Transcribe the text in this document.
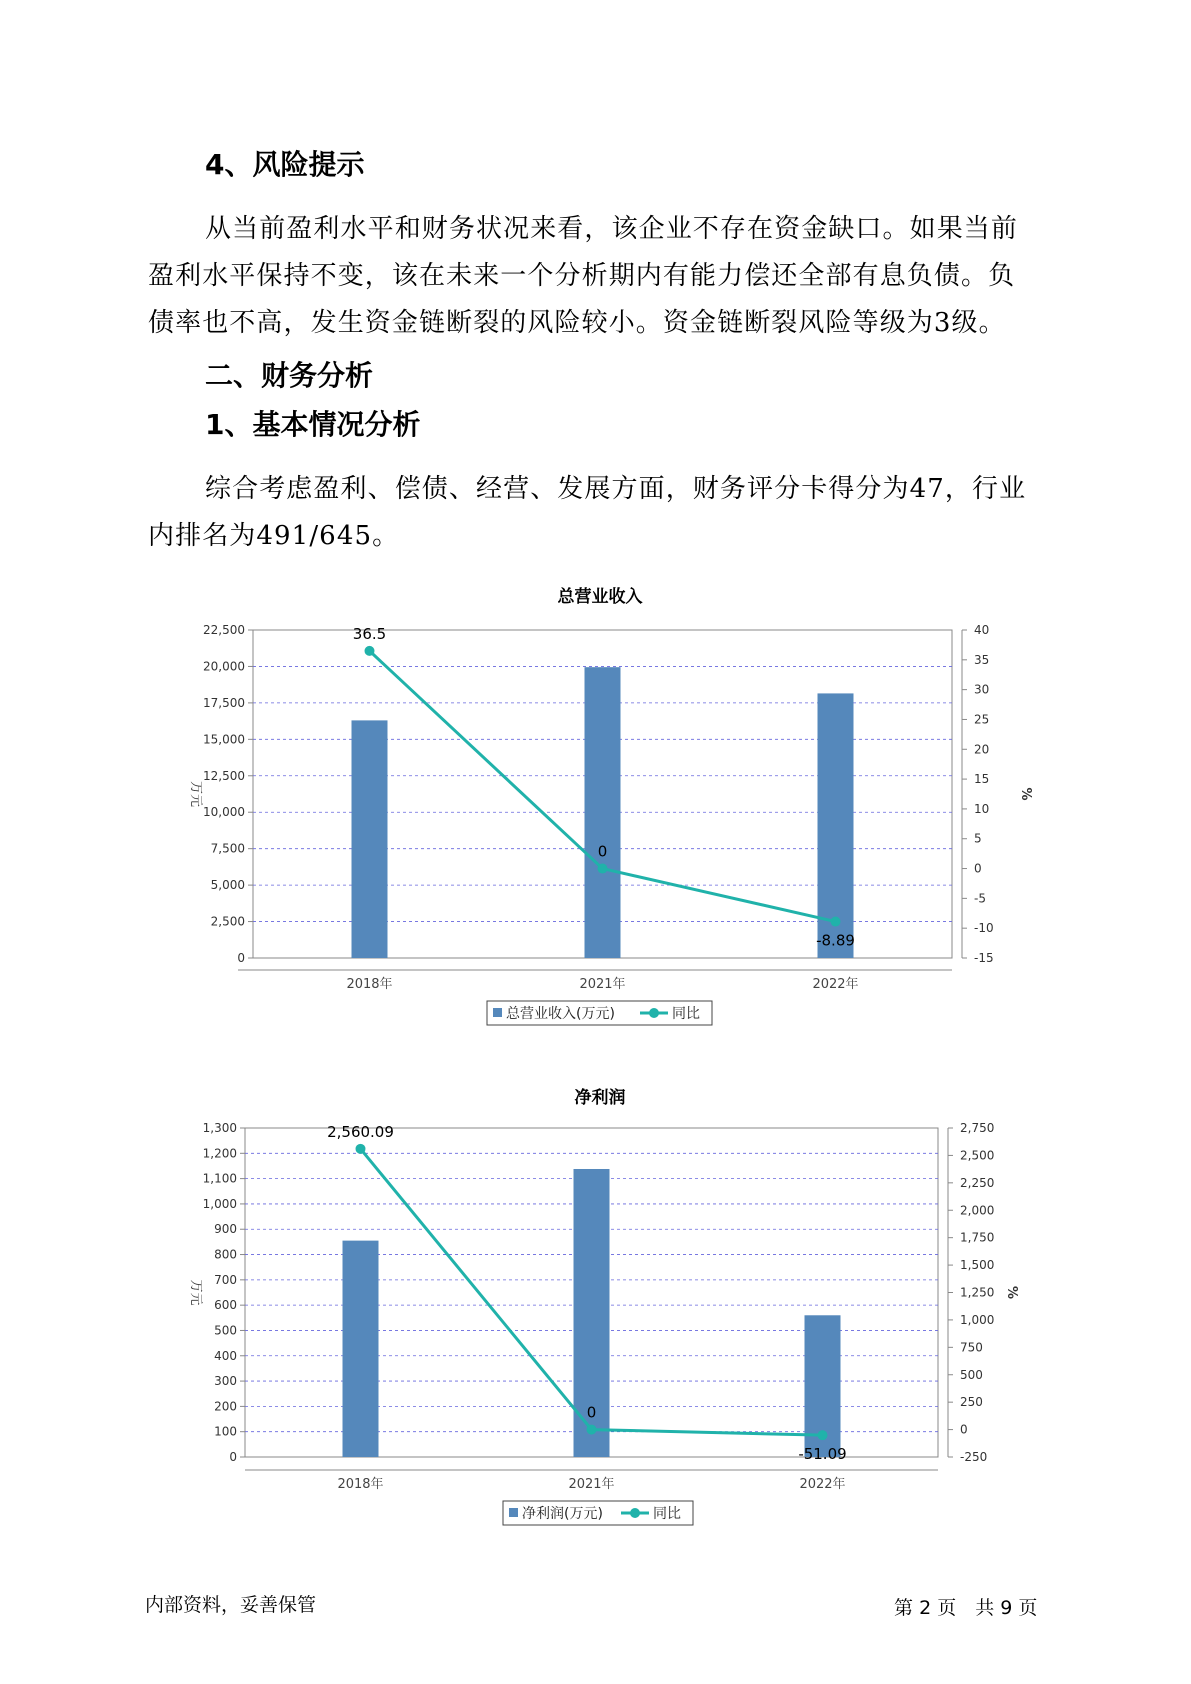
4、风险提示
从当前盈利水平和财务状况来看，该企业不存在资金缺口。如果当前
盈利水平保持不变，该在未来一个分析期内有能力偿还全部有息负债。负
债率也不高，发生资金链断裂的风险较小。资金链断裂风险等级为3级。
二、财务分析
1、基本情况分析
综合考虑盈利、偿债、经营、发展方面，财务评分卡得分为47，行业
内排名为491/645。
总营业收入
0
2,500
5,000
7,500
10,000
12,500
15,000
17,500
20,000
22,500
-15
-10
-5
0
5
10
15
20
25
30
35
40
万元	%
2018年	2021年	2022年
36.5
0
-8.89
总营业收入(万元)	同比
净利润
0
100
200
300
400
500
600
700
800
900
1,000
1,100
1,200
1,300
-250
0
250
500
750
1,000
1,250
1,500
1,750
2,000
2,250
2,500
2,750
万元	%
2018年	2021年	2022年
2,560.09
0
-51.09
净利润(万元)	同比
内部资料，妥善保管	第 2 页　共 9 页
